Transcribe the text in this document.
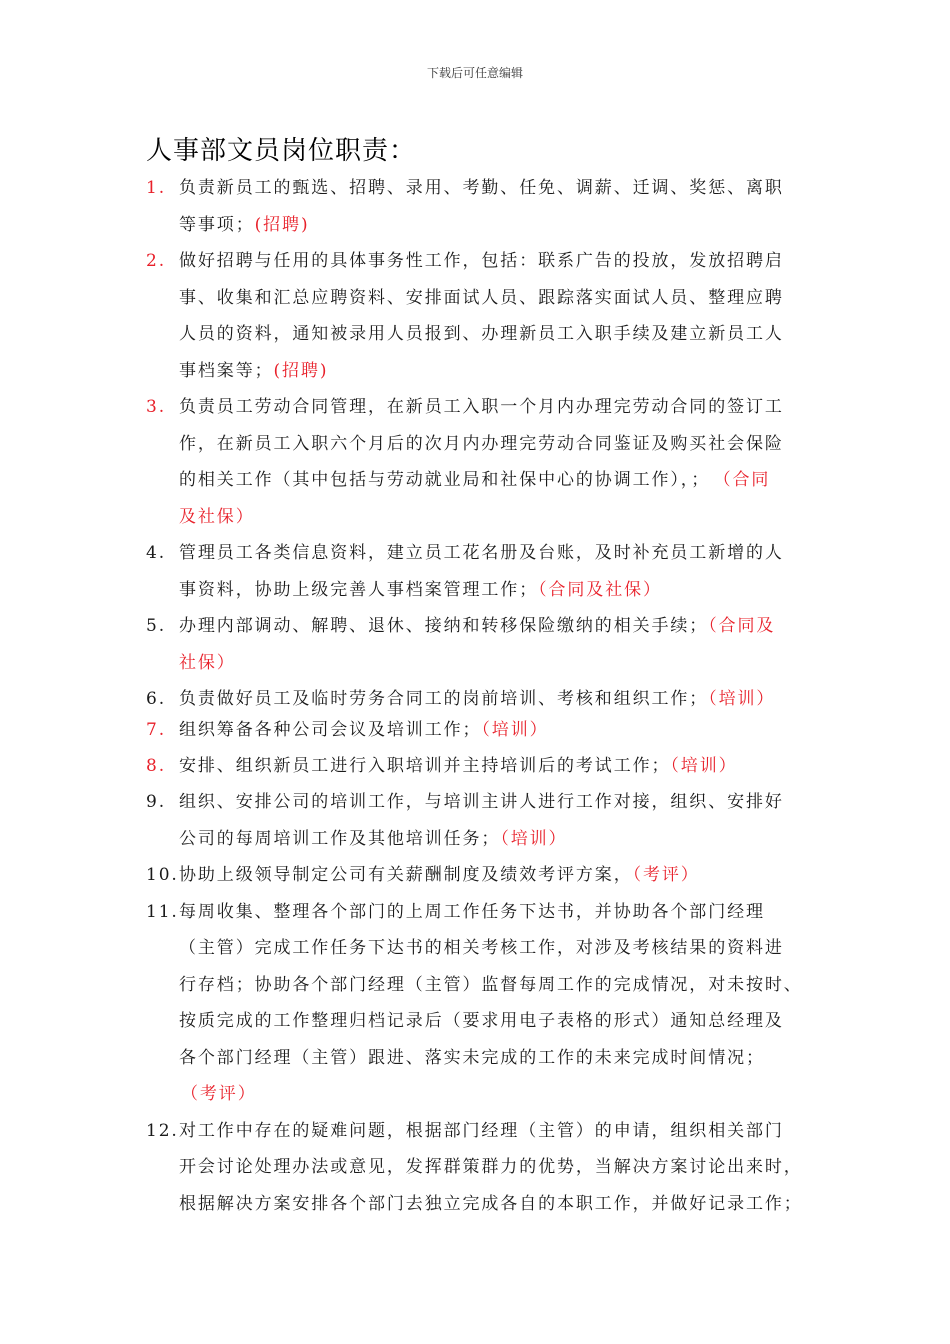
下载后可任意编辑
人事部文员岗位职责：
1. 负责新员工的甄选、招聘、录用、考勤、任免、调薪、迁调、奖惩、离职
等事项；(招聘)
2. 做好招聘与任用的具体事务性工作，包括：联系广告的投放，发放招聘启
事、收集和汇总应聘资料、安排面试人员、跟踪落实面试人员、整理应聘
人员的资料，通知被录用人员报到、办理新员工入职手续及建立新员工人
事档案等；(招聘)
3. 负责员工劳动合同管理，在新员工入职一个月内办理完劳动合同的签订工
作，在新员工入职六个月后的次月内办理完劳动合同鉴证及购买社会保险
的相关工作（其中包括与劳动就业局和社保中心的协调工作），； （合同
及社保）
4. 管理员工各类信息资料，建立员工花名册及台账，及时补充员工新增的人
事资料，协助上级完善人事档案管理工作；（合同及社保）
5. 办理内部调动、解聘、退休、接纳和转移保险缴纳的相关手续；（合同及
社保）
6. 负责做好员工及临时劳务合同工的岗前培训、考核和组织工作；（培训）
7. 组织筹备各种公司会议及培训工作；（培训）
8. 安排、组织新员工进行入职培训并主持培训后的考试工作；（培训）
9. 组织、安排公司的培训工作，与培训主讲人进行工作对接，组织、安排好
公司的每周培训工作及其他培训任务；（培训）
10. 协助上级领导制定公司有关薪酬制度及绩效考评方案，（考评）
11. 每周收集、整理各个部门的上周工作任务下达书，并协助各个部门经理
（主管）完成工作任务下达书的相关考核工作，对涉及考核结果的资料进
行存档；协助各个部门经理（主管）监督每周工作的完成情况，对未按时、
按质完成的工作整理归档记录后（要求用电子表格的形式）通知总经理及
各个部门经理（主管）跟进、落实未完成的工作的未来完成时间情况；
（考评）
12. 对工作中存在的疑难问题，根据部门经理（主管）的申请，组织相关部门
开会讨论处理办法或意见，发挥群策群力的优势，当解决方案讨论出来时，
根据解决方案安排各个部门去独立完成各自的本职工作，并做好记录工作；
